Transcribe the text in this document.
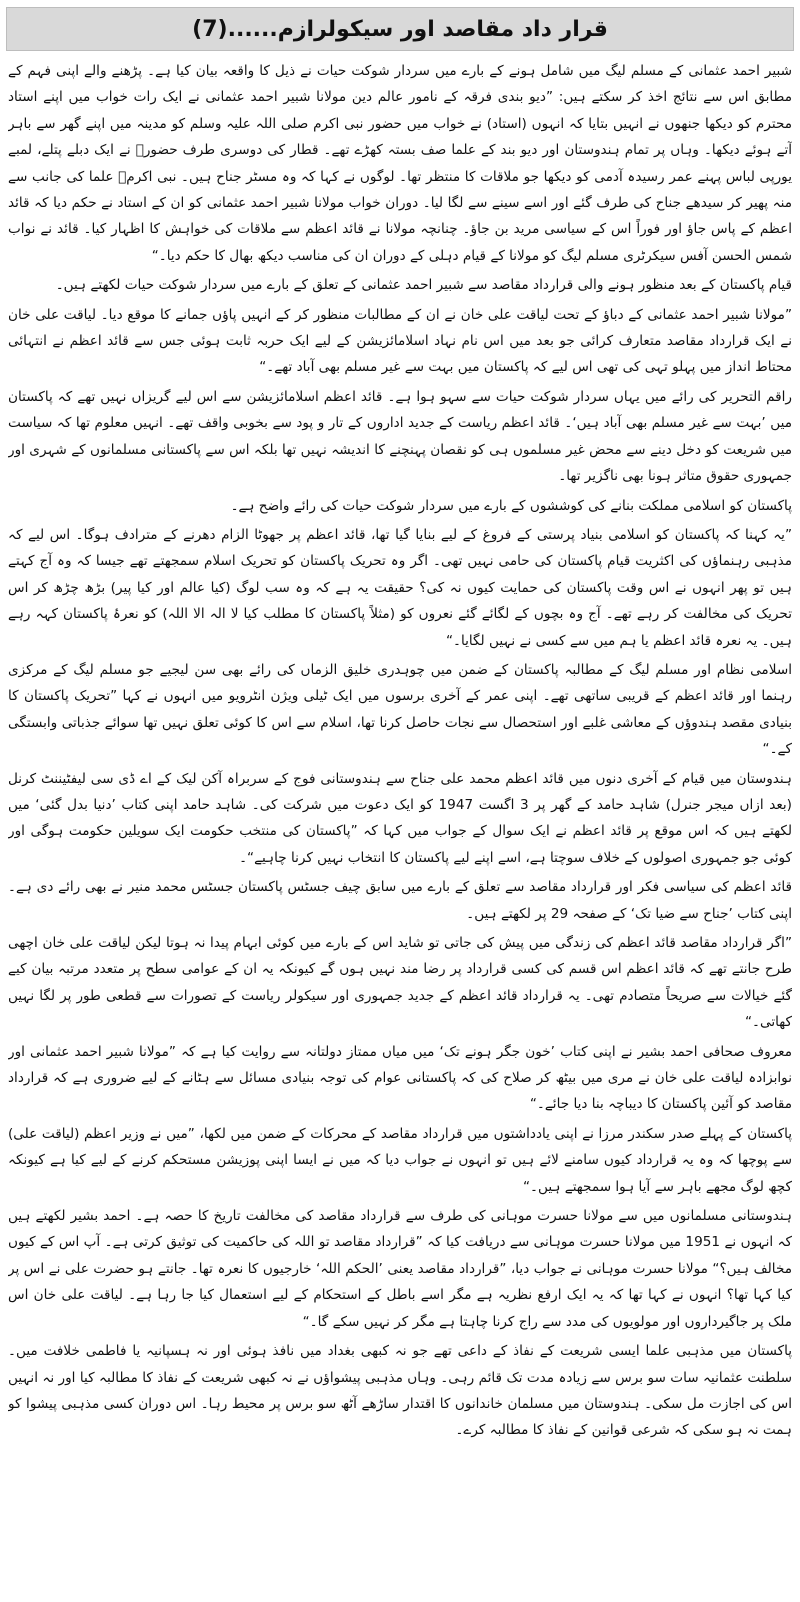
قرار داد مقاصد اور سیکولرازم......(7)

شبیر احمد عثمانی کے مسلم لیگ میں شامل ہونے کے بارے میں سردار شوکت حیات نے ذیل کا واقعہ بیان کیا ہے۔ پڑھنے والے اپنی فہم کے مطابق اس سے نتائج اخذ کر سکتے ہیں: ”دیو بندی فرقہ کے نامور عالم دین مولانا شبیر احمد عثمانی نے ایک رات خواب میں اپنے استاد محترم کو دیکھا جنھوں نے انہیں بتایا کہ انہوں (استاد) نے خواب میں حضور نبی اکرم صلی اللہ علیہ وسلم کو مدینہ میں اپنے گھر سے باہر آتے ہوئے دیکھا۔ وہاں پر تمام ہندوستان اور دیو بند کے علما صف بستہ کھڑے تھے۔ قطار کی دوسری طرف حضورؐ نے ایک دبلے پتلے، لمبے یورپی لباس پہنے عمر رسیدہ آدمی کو دیکھا جو ملاقات کا منتظر تھا۔ لوگوں نے کہا کہ وہ مسٹر جناح ہیں۔ نبی اکرمؐ علما کی جانب سے منہ پھیر کر سیدھے جناح کی طرف گئے اور اسے سینے سے لگا لیا۔ دوران خواب مولانا شبیر احمد عثمانی کو ان کے استاد نے حکم دیا کہ قائد اعظم کے پاس جاؤ اور فوراً اس کے سیاسی مرید بن جاؤ۔ چنانچہ مولانا نے قائد اعظم سے ملاقات کی خواہش کا اظہار کیا۔ قائد نے نواب شمس الحسن آفس سیکرٹری مسلم لیگ کو مولانا کے قیام دہلی کے دوران ان کی مناسب دیکھ بھال کا حکم دیا۔“

قیام پاکستان کے بعد منظور ہونے والی قرارداد مقاصد سے شبیر احمد عثمانی کے تعلق کے بارے میں سردار شوکت حیات لکھتے ہیں۔

”مولانا شبیر احمد عثمانی کے دباؤ کے تحت لیاقت علی خان نے ان کے مطالبات منظور کر کے انہیں پاؤں جمانے کا موقع دیا۔ لیاقت علی خان نے ایک قرارداد مقاصد متعارف کرائی جو بعد میں اس نام نہاد اسلامائزیشن کے لیے ایک حربہ ثابت ہوئی جس سے قائد اعظم نے انتہائی محتاط انداز میں پہلو تہی کی تھی اس لیے کہ پاکستان میں بہت سے غیر مسلم بھی آباد تھے۔“

راقم التحریر کی رائے میں یہاں سردار شوکت حیات سے سہو ہوا ہے۔ قائد اعظم اسلامائزیشن سے اس لیے گریزاں نہیں تھے کہ پاکستان میں ’بہت سے غیر مسلم بھی آباد ہیں‘۔ قائد اعظم ریاست کے جدید اداروں کے تار و پود سے بخوبی واقف تھے۔ انہیں معلوم تھا کہ سیاست میں شریعت کو دخل دینے سے محض غیر مسلموں ہی کو نقصان پہنچنے کا اندیشہ نہیں تھا بلکہ اس سے پاکستانی مسلمانوں کے شہری اور جمہوری حقوق متاثر ہونا بھی ناگزیر تھا۔

پاکستان کو اسلامی مملکت بنانے کی کوششوں کے بارے میں سردار شوکت حیات کی رائے واضح ہے۔

”یہ کہنا کہ پاکستان کو اسلامی بنیاد پرستی کے فروغ کے لیے بنایا گیا تھا، قائد اعظم پر جھوٹا الزام دھرنے کے مترادف ہوگا۔ اس لیے کہ مذہبی رہنماؤں کی اکثریت قیام پاکستان کی حامی نہیں تھی۔ اگر وہ تحریک پاکستان کو تحریک اسلام سمجھتے تھے جیسا کہ وہ آج کہتے ہیں تو پھر انہوں نے اس وقت پاکستان کی حمایت کیوں نہ کی؟ حقیقت یہ ہے کہ وہ سب لوگ (کیا عالم اور کیا پیر) بڑھ چڑھ کر اس تحریک کی مخالفت کر رہے تھے۔ آج وہ بچوں کے لگائے گئے نعروں کو (مثلاً پاکستان کا مطلب کیا لا الہ الا اللہ) کو نعرۂ پاکستان کہہ رہے ہیں۔ یہ نعرہ قائد اعظم یا ہم میں سے کسی نے نہیں لگایا۔“

اسلامی نظام اور مسلم لیگ کے مطالبہ پاکستان کے ضمن میں چوہدری خلیق الزماں کی رائے بھی سن لیجیے جو مسلم لیگ کے مرکزی رہنما اور قائد اعظم کے قریبی ساتھی تھے۔ اپنی عمر کے آخری برسوں میں ایک ٹیلی ویژن انٹرویو میں انہوں نے کہا ”تحریک پاکستان کا بنیادی مقصد ہندوؤں کے معاشی غلبے اور استحصال سے نجات حاصل کرنا تھا، اسلام سے اس کا کوئی تعلق نہیں تھا سوائے جذباتی وابستگی کے۔“

ہندوستان میں قیام کے آخری دنوں میں قائد اعظم محمد علی جناح سے ہندوستانی فوج کے سربراہ آکن لیک کے اے ڈی سی لیفٹیننٹ کرنل (بعد ازاں میجر جنرل) شاہد حامد کے گھر پر 3 اگست 1947 کو ایک دعوت میں شرکت کی۔ شاہد حامد اپنی کتاب ’دنیا بدل گئی‘ میں لکھتے ہیں کہ اس موقع پر قائد اعظم نے ایک سوال کے جواب میں کہا کہ ”پاکستان کی منتخب حکومت ایک سویلین حکومت ہوگی اور کوئی جو جمہوری اصولوں کے خلاف سوچتا ہے، اسے اپنے لیے پاکستان کا انتخاب نہیں کرنا چاہیے“۔

قائد اعظم کی سیاسی فکر اور قرارداد مقاصد سے تعلق کے بارے میں سابق چیف جسٹس پاکستان جسٹس محمد منیر نے بھی رائے دی ہے۔ اپنی کتاب ’جناح سے ضیا تک‘ کے صفحہ 29 پر لکھتے ہیں۔

”اگر قرارداد مقاصد قائد اعظم کی زندگی میں پیش کی جاتی تو شاید اس کے بارے میں کوئی ابہام پیدا نہ ہوتا لیکن لیاقت علی خان اچھی طرح جانتے تھے کہ قائد اعظم اس قسم کی کسی قرارداد پر رضا مند نہیں ہوں گے کیونکہ یہ ان کے عوامی سطح پر متعدد مرتبہ بیان کیے گئے خیالات سے صریحاً متصادم تھی۔ یہ قرارداد قائد اعظم کے جدید جمہوری اور سیکولر ریاست کے تصورات سے قطعی طور پر لگا نہیں کھاتی۔“

معروف صحافی احمد بشیر نے اپنی کتاب ’خون جگر ہونے تک‘ میں میاں ممتاز دولتانہ سے روایت کیا ہے کہ ”مولانا شبیر احمد عثمانی اور نوابزادہ لیاقت علی خان نے مری میں بیٹھ کر صلاح کی کہ پاکستانی عوام کی توجہ بنیادی مسائل سے ہٹانے کے لیے ضروری ہے کہ قرارداد مقاصد کو آئین پاکستان کا دیباچہ بنا دیا جائے۔“

پاکستان کے پہلے صدر سکندر مرزا نے اپنی یادداشتوں میں قرارداد مقاصد کے محرکات کے ضمن میں لکھا، ”میں نے وزیر اعظم (لیاقت علی) سے پوچھا کہ وہ یہ قرارداد کیوں سامنے لائے ہیں تو انہوں نے جواب دیا کہ میں نے ایسا اپنی پوزیشن مستحکم کرنے کے لیے کیا ہے کیونکہ کچھ لوگ مجھے باہر سے آیا ہوا سمجھتے ہیں۔“

ہندوستانی مسلمانوں میں سے مولانا حسرت موہانی کی طرف سے قرارداد مقاصد کی مخالفت تاریخ کا حصہ ہے۔ احمد بشیر لکھتے ہیں کہ انہوں نے 1951 میں مولانا حسرت موہانی سے دریافت کیا کہ ”قرارداد مقاصد تو اللہ کی حاکمیت کی توثیق کرتی ہے۔ آپ اس کے کیوں مخالف ہیں؟“ مولانا حسرت موہانی نے جواب دیا، ”قرارداد مقاصد یعنی ’الحکم اللہ‘ خارجیوں کا نعرہ تھا۔ جانتے ہو حضرت علی نے اس پر کیا کہا تھا؟ انہوں نے کہا تھا کہ یہ ایک ارفع نظریہ ہے مگر اسے باطل کے استحکام کے لیے استعمال کیا جا رہا ہے۔ لیاقت علی خان اس ملک پر جاگیرداروں اور مولویوں کی مدد سے راج کرنا چاہتا ہے مگر کر نہیں سکے گا۔“

پاکستان میں مذہبی علما ایسی شریعت کے نفاذ کے داعی تھے جو نہ کبھی بغداد میں نافذ ہوئی اور نہ ہسپانیہ یا فاطمی خلافت میں۔ سلطنت عثمانیہ سات سو برس سے زیادہ مدت تک قائم رہی۔ وہاں مذہبی پیشواؤں نے نہ کبھی شریعت کے نفاذ کا مطالبہ کیا اور نہ انہیں اس کی اجازت مل سکی۔ ہندوستان میں مسلمان خاندانوں کا اقتدار ساڑھے آٹھ سو برس پر محیط رہا۔ اس دوران کسی مذہبی پیشوا کو ہمت نہ ہو سکی کہ شرعی قوانین کے نفاذ کا مطالبہ کرے۔
